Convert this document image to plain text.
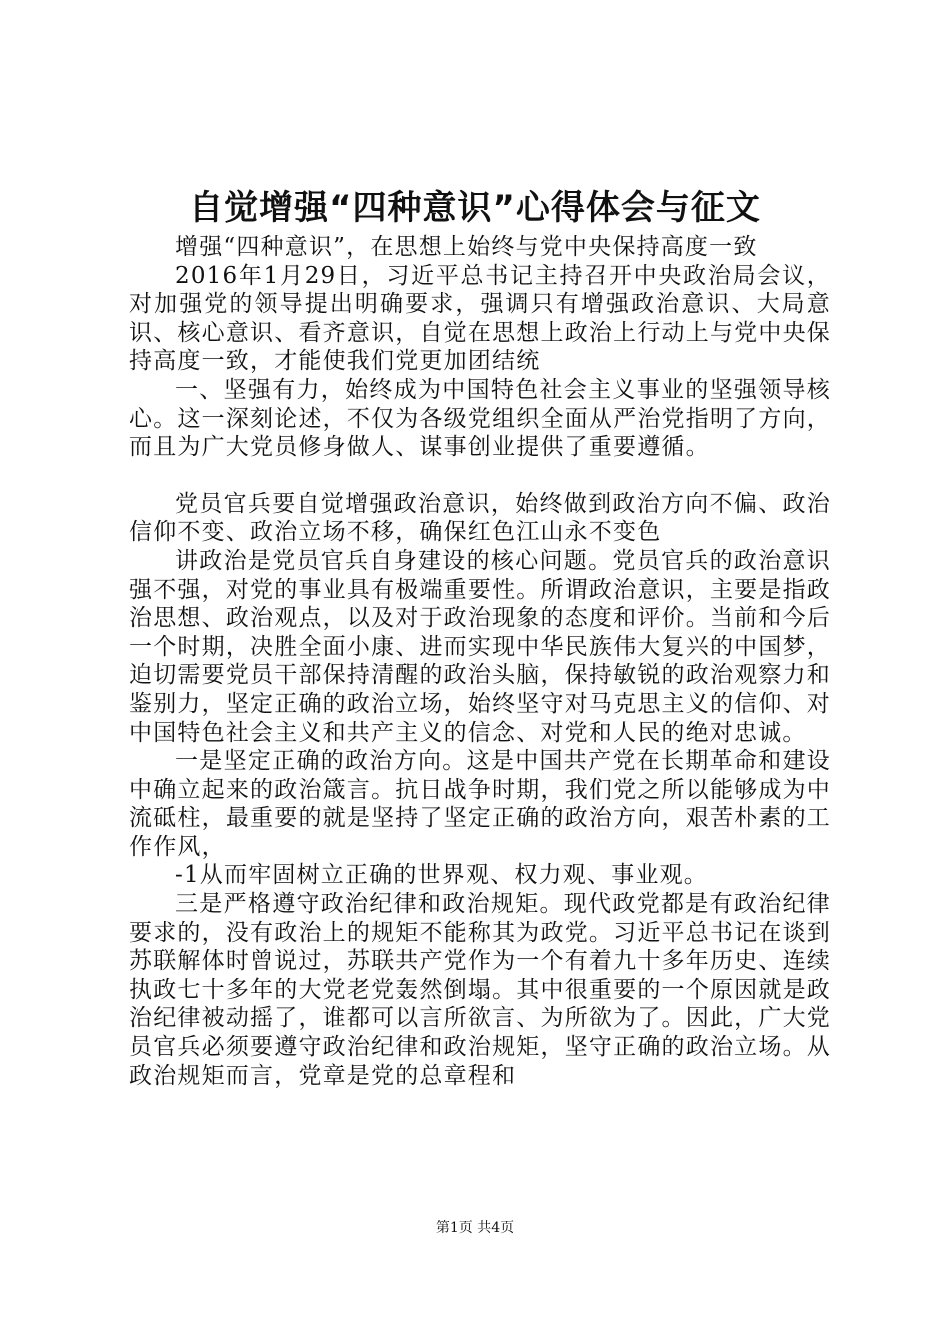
自觉增强“四种意识”心得体会与征文

增强“四种意识”，在思想上始终与党中央保持高度一致

2016年1月29日，习近平总书记主持召开中央政治局会议，对加强党的领导提出明确要求，强调只有增强政治意识、大局意识、核心意识、看齐意识，自觉在思想上政治上行动上与党中央保持高度一致，才能使我们党更加团结统

一、坚强有力，始终成为中国特色社会主义事业的坚强领导核心。这一深刻论述，不仅为各级党组织全面从严治党指明了方向，而且为广大党员修身做人、谋事创业提供了重要遵循。

党员官兵要自觉增强政治意识，始终做到政治方向不偏、政治信仰不变、政治立场不移，确保红色江山永不变色

讲政治是党员官兵自身建设的核心问题。党员官兵的政治意识强不强，对党的事业具有极端重要性。所谓政治意识，主要是指政治思想、政治观点，以及对于政治现象的态度和评价。当前和今后一个时期，决胜全面小康、进而实现中华民族伟大复兴的中国梦，迫切需要党员干部保持清醒的政治头脑，保持敏锐的政治观察力和鉴别力，坚定正确的政治立场，始终坚守对马克思主义的信仰、对中国特色社会主义和共产主义的信念、对党和人民的绝对忠诚。

一是坚定正确的政治方向。这是中国共产党在长期革命和建设中确立起来的政治箴言。抗日战争时期，我们党之所以能够成为中流砥柱，最重要的就是坚持了坚定正确的政治方向，艰苦朴素的工作作风，

-1从而牢固树立正确的世界观、权力观、事业观。

三是严格遵守政治纪律和政治规矩。现代政党都是有政治纪律要求的，没有政治上的规矩不能称其为政党。习近平总书记在谈到苏联解体时曾说过，苏联共产党作为一个有着九十多年历史、连续执政七十多年的大党老党轰然倒塌。其中很重要的一个原因就是政治纪律被动摇了，谁都可以言所欲言、为所欲为了。因此，广大党员官兵必须要遵守政治纪律和政治规矩，坚守正确的政治立场。从政治规矩而言，党章是党的总章程和

第1页 共4页
